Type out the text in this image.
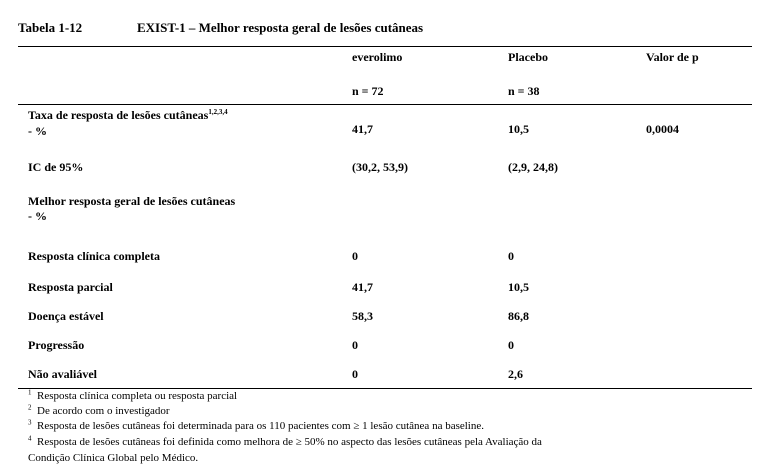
Tabela 1-12	EXIST-1 – Melhor resposta geral de lesões cutâneas
everolimo	Placebo	Valor de p
n = 72	n = 38
Taxa de resposta de lesões cutâneas$^{1,2,3,4}$
- %	41,7	10,5	0,0004
IC de 95%	(30,2, 53,9)	(2,9, 24,8)
Melhor resposta geral de lesões cutâneas
- %
Resposta clínica completa	0	0
Resposta parcial	41,7	10,5
Doença estável	58,3	86,8
Progressão	0	0
Não avaliável	0	2,6
$^1$ Resposta clínica completa ou resposta parcial
$^2$ De acordo com o investigador
$^3$ Resposta de lesões cutâneas foi determinada para os 110 pacientes com ≥ 1 lesão cutânea na baseline.
$^4$ Resposta de lesões cutâneas foi definida como melhora de ≥ 50% no aspecto das lesões cutâneas pela Avaliação da
Condição Clínica Global pelo Médico.
